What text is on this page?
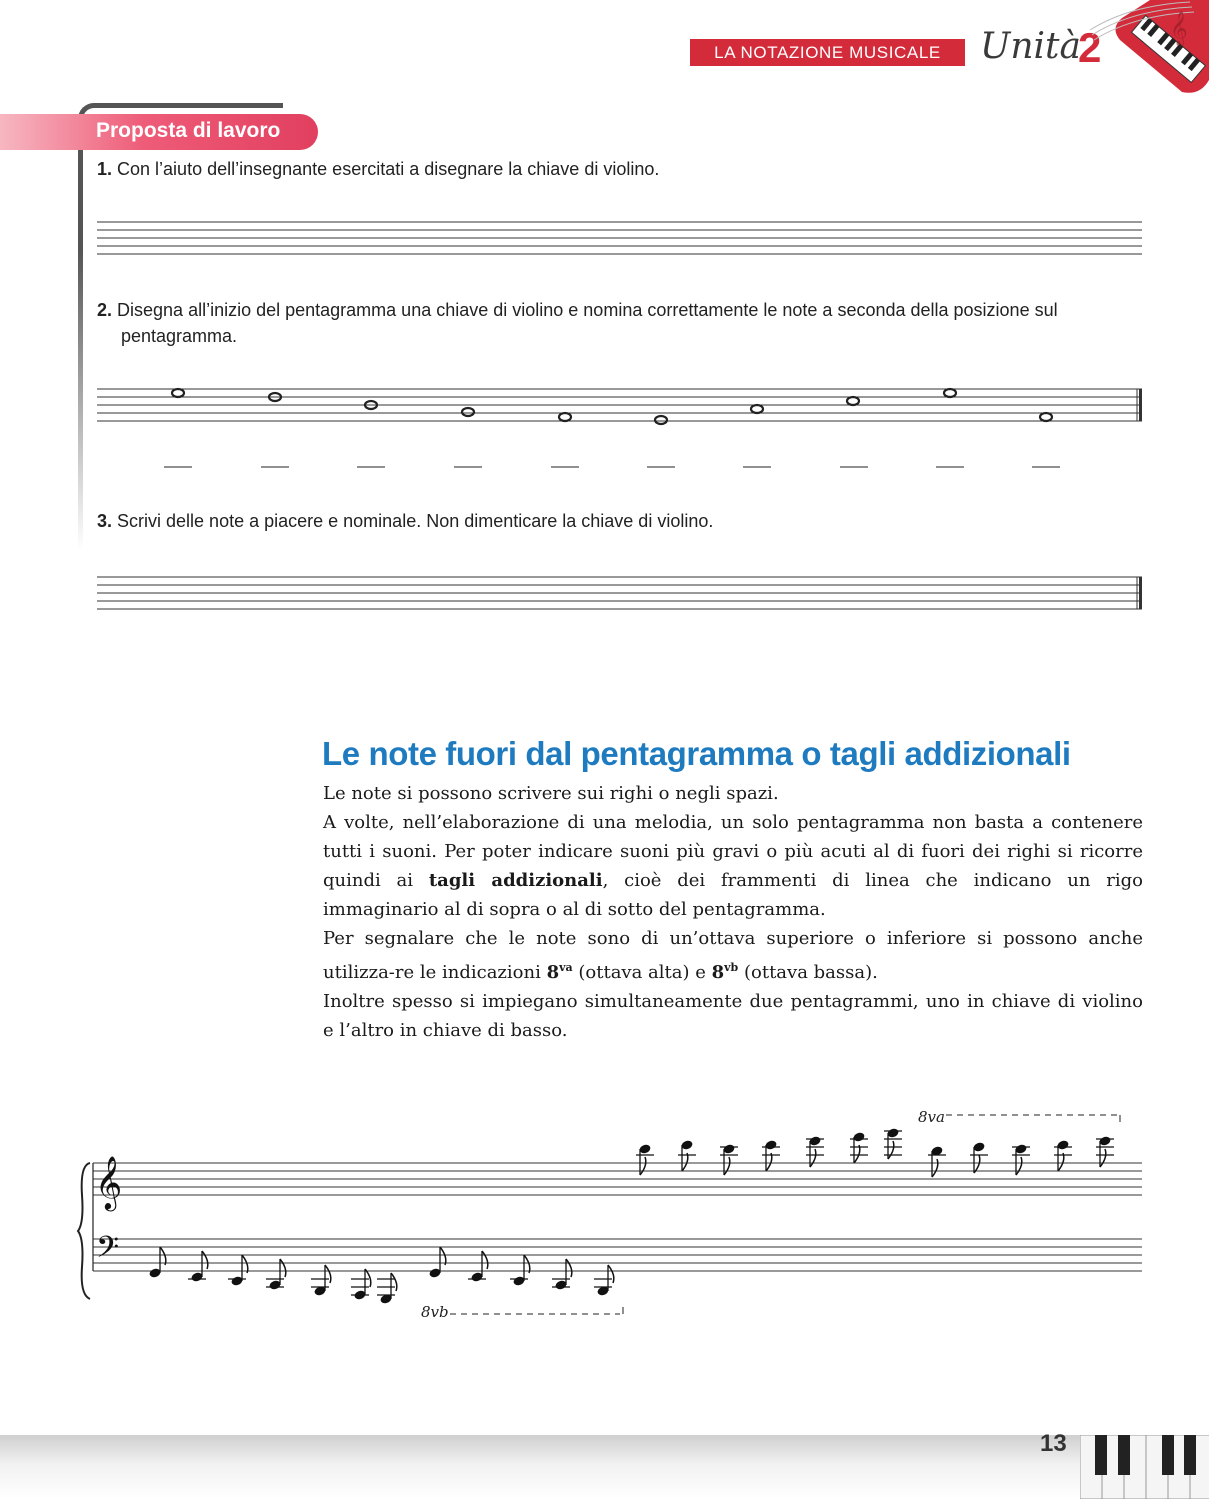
LA NOTAZIONE MUSICALE	Unità
2 𝄞
Proposta di lavoro
1. Con l’aiuto dell’insegnante esercitati a disegnare la chiave di violino.
2. Disegna all’inizio del pentagramma una chiave di violino e nomina correttamente le note a seconda della posizione sul pentagramma.
3. Scrivi delle note a piacere e nominale. Non dimenticare la chiave di violino.
Le note fuori dal pentagramma o tagli addizionali

Le note si possono scrivere sui righi o negli spazi.

A volte, nell’elaborazione di una melodia, un solo pentagramma non basta a contenere tutti i suoni. Per poter indicare suoni più gravi o più acuti al di fuori dei righi si ricorre quindi ai tagli addizionali, cioè dei frammenti di linea che indicano un rigo immaginario al di sopra o al di sotto del pentagramma.

Per segnalare che le note sono di un’ottava superiore o inferiore si possono anche utilizza-re le indicazioni $8^{va}$ (ottava alta) e $8^{vb}$ (ottava bassa).

Inoltre spesso si impiegano simultaneamente due pentagrammi, uno in chiave di violino e l’altro in chiave di basso.

𝄞
𝄢
8va
8vb
13
